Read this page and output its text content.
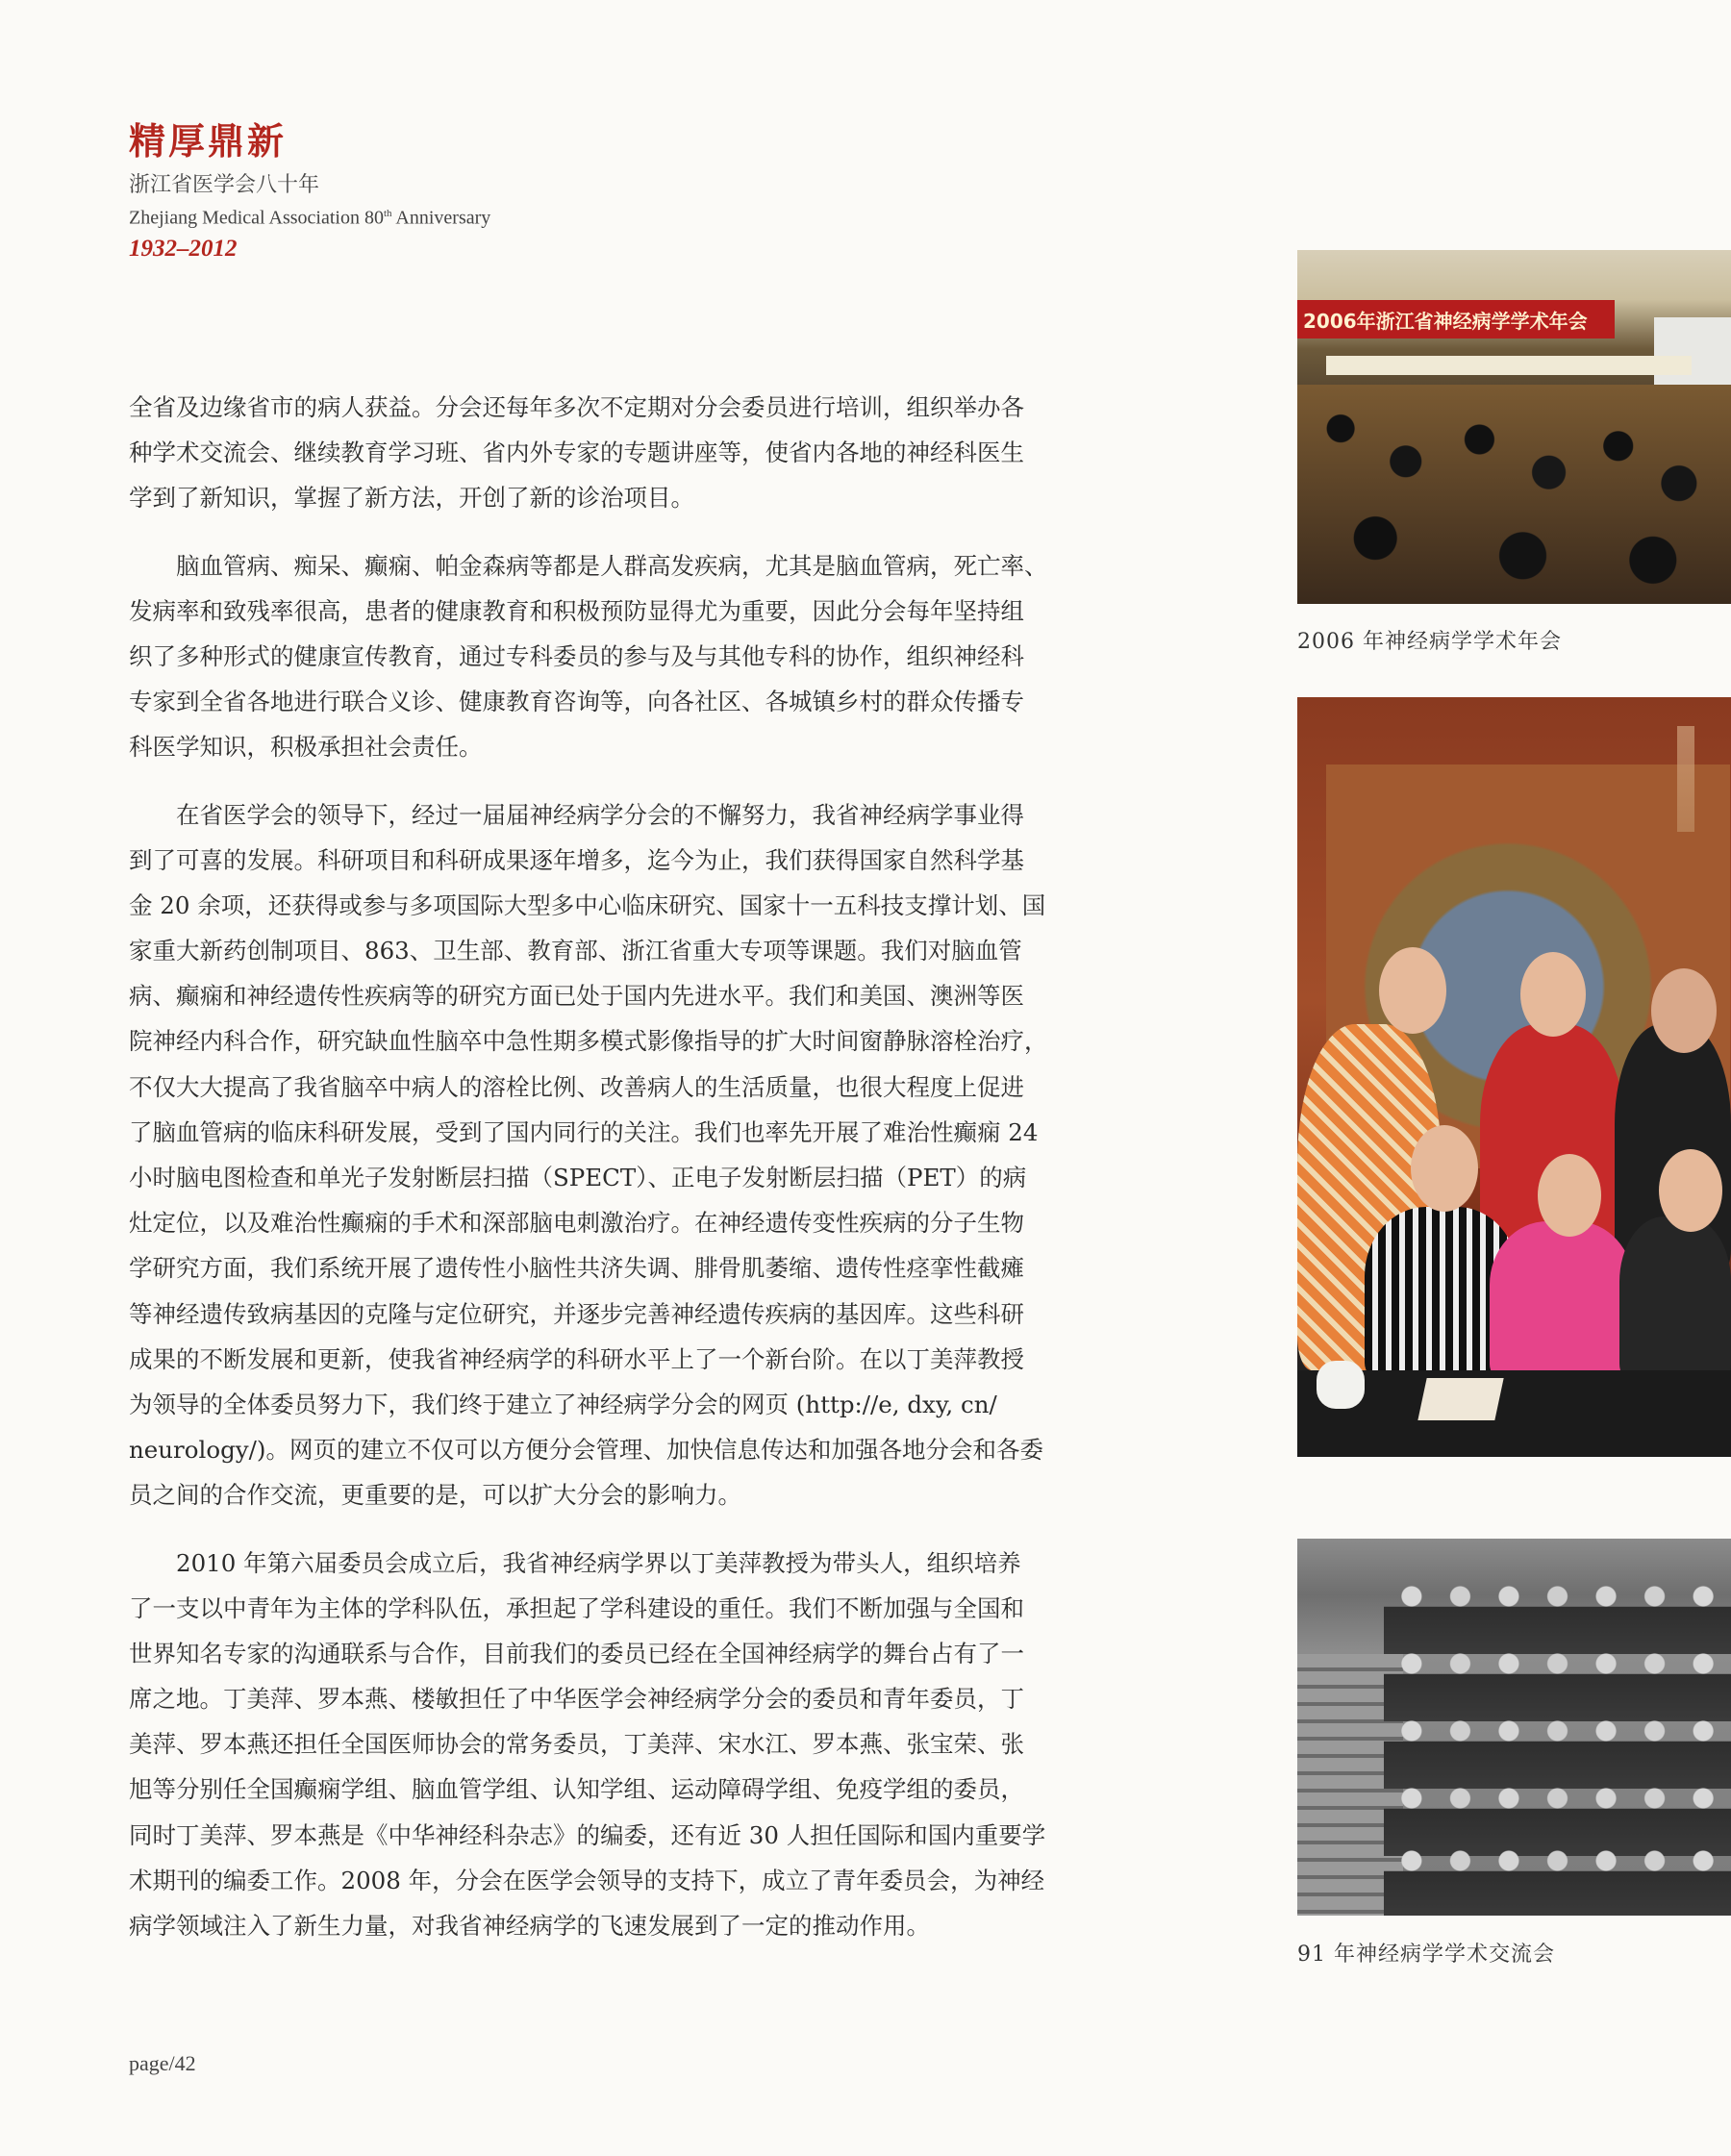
精厚鼎新
浙江省医学会八十年
Zhejiang Medical Association 80th Anniversary
1932–2012
全省及边缘省市的病人获益。分会还每年多次不定期对分会委员进行培训，组织举办各
种学术交流会、继续教育学习班、省内外专家的专题讲座等，使省内各地的神经科医生
学到了新知识，掌握了新方法，开创了新的诊治项目。
　　脑血管病、痴呆、癫痫、帕金森病等都是人群高发疾病，尤其是脑血管病，死亡率、
发病率和致残率很高，患者的健康教育和积极预防显得尤为重要，因此分会每年坚持组
织了多种形式的健康宣传教育，通过专科委员的参与及与其他专科的协作，组织神经科
专家到全省各地进行联合义诊、健康教育咨询等，向各社区、各城镇乡村的群众传播专
科医学知识，积极承担社会责任。
　　在省医学会的领导下，经过一届届神经病学分会的不懈努力，我省神经病学事业得
到了可喜的发展。科研项目和科研成果逐年增多，迄今为止，我们获得国家自然科学基
金 20 余项，还获得或参与多项国际大型多中心临床研究、国家十一五科技支撑计划、国
家重大新药创制项目、863、卫生部、教育部、浙江省重大专项等课题。我们对脑血管
病、癫痫和神经遗传性疾病等的研究方面已处于国内先进水平。我们和美国、澳洲等医
院神经内科合作，研究缺血性脑卒中急性期多模式影像指导的扩大时间窗静脉溶栓治疗，
不仅大大提高了我省脑卒中病人的溶栓比例、改善病人的生活质量，也很大程度上促进
了脑血管病的临床科研发展，受到了国内同行的关注。我们也率先开展了难治性癫痫 24
小时脑电图检查和单光子发射断层扫描（SPECT）、正电子发射断层扫描（PET）的病
灶定位，以及难治性癫痫的手术和深部脑电刺激治疗。在神经遗传变性疾病的分子生物
学研究方面，我们系统开展了遗传性小脑性共济失调、腓骨肌萎缩、遗传性痉挛性截瘫
等神经遗传致病基因的克隆与定位研究，并逐步完善神经遗传疾病的基因库。这些科研
成果的不断发展和更新，使我省神经病学的科研水平上了一个新台阶。在以丁美萍教授
为领导的全体委员努力下，我们终于建立了神经病学分会的网页 (http://e, dxy, cn/
neurology/)。网页的建立不仅可以方便分会管理、加快信息传达和加强各地分会和各委
员之间的合作交流，更重要的是，可以扩大分会的影响力。
　　2010 年第六届委员会成立后，我省神经病学界以丁美萍教授为带头人，组织培养
了一支以中青年为主体的学科队伍，承担起了学科建设的重任。我们不断加强与全国和
世界知名专家的沟通联系与合作，目前我们的委员已经在全国神经病学的舞台占有了一
席之地。丁美萍、罗本燕、楼敏担任了中华医学会神经病学分会的委员和青年委员，丁
美萍、罗本燕还担任全国医师协会的常务委员，丁美萍、宋水江、罗本燕、张宝荣、张
旭等分别任全国癫痫学组、脑血管学组、认知学组、运动障碍学组、免疫学组的委员，
同时丁美萍、罗本燕是《中华神经科杂志》的编委，还有近 30 人担任国际和国内重要学
术期刊的编委工作。2008 年，分会在医学会领导的支持下，成立了青年委员会，为神经
病学领域注入了新生力量，对我省神经病学的飞速发展到了一定的推动作用。
2006年浙江省神经病学学术年会
2006 年神经病学学术年会
91 年神经病学学术交流会
page/42
